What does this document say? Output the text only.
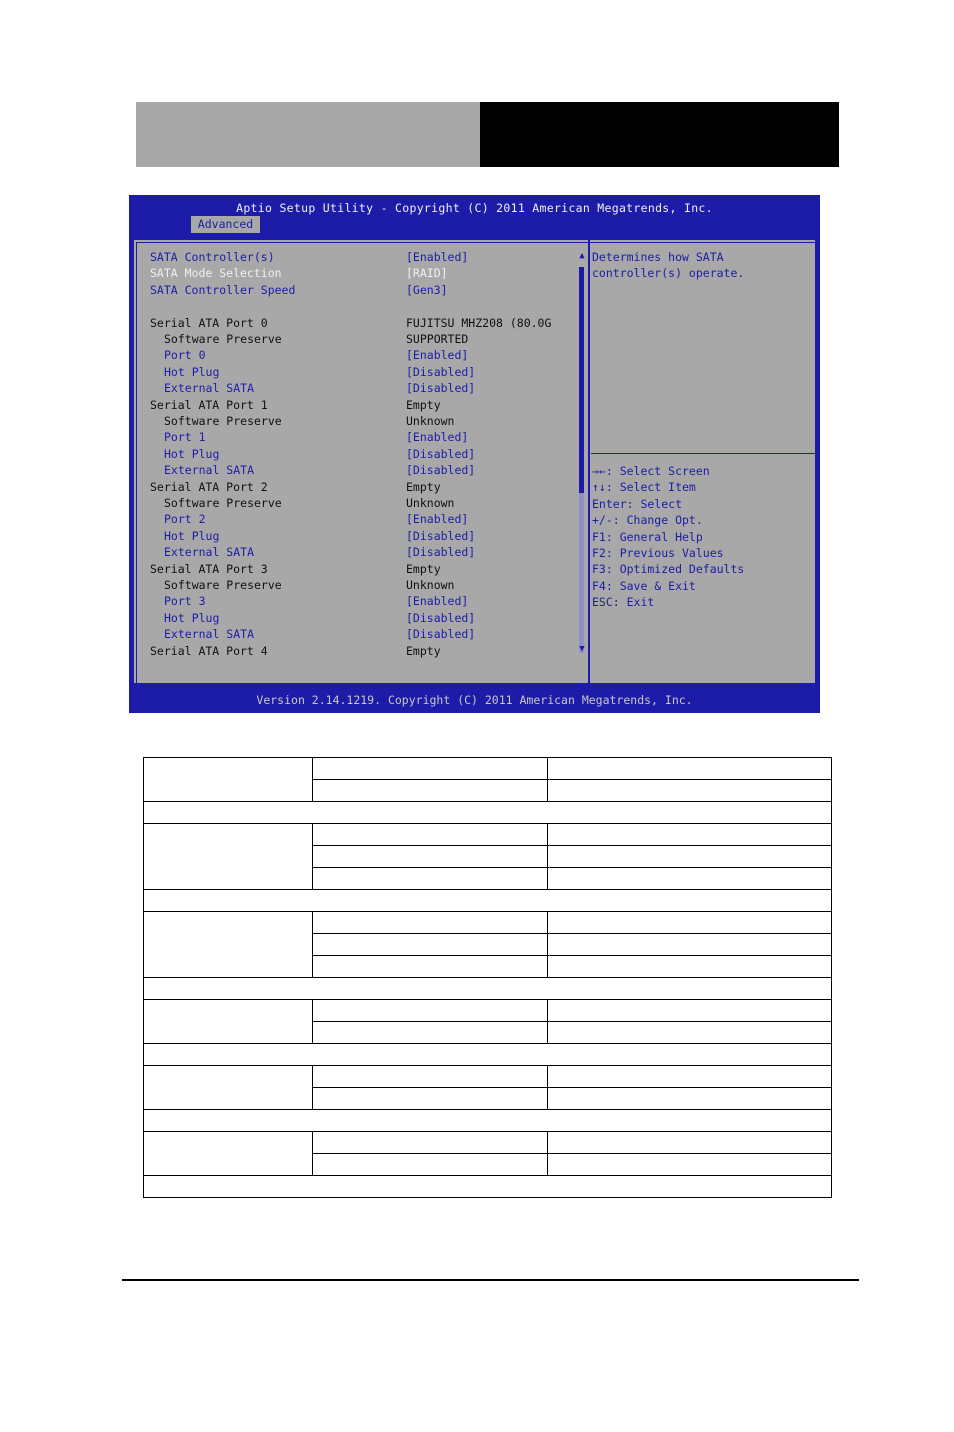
Aptio Setup Utility - Copyright (C) 2011 American Megatrends, Inc.
Advanced
▲
▼
SATA Controller(s)	[Enabled]
SATA Mode Selection	[RAID]
SATA Controller Speed	[Gen3]
Serial ATA Port 0	FUJITSU MHZ208 (80.0G
Software Preserve	SUPPORTED
Port 0	[Enabled]
Hot Plug	[Disabled]
External SATA	[Disabled]
Serial ATA Port 1	Empty
Software Preserve	Unknown
Port 1	[Enabled]
Hot Plug	[Disabled]
External SATA	[Disabled]
Serial ATA Port 2	Empty
Software Preserve	Unknown
Port 2	[Enabled]
Hot Plug	[Disabled]
External SATA	[Disabled]
Serial ATA Port 3	Empty
Software Preserve	Unknown
Port 3	[Enabled]
Hot Plug	[Disabled]
External SATA	[Disabled]
Serial ATA Port 4	Empty
Determines how SATA
controller(s) operate.
→←: Select Screen
↑↓: Select Item
Enter: Select
+/-: Change Opt.
F1: General Help
F2: Previous Values
F3: Optimized Defaults
F4: Save & Exit
ESC: Exit
Version 2.14.1219. Copyright (C) 2011 American Megatrends, Inc.
